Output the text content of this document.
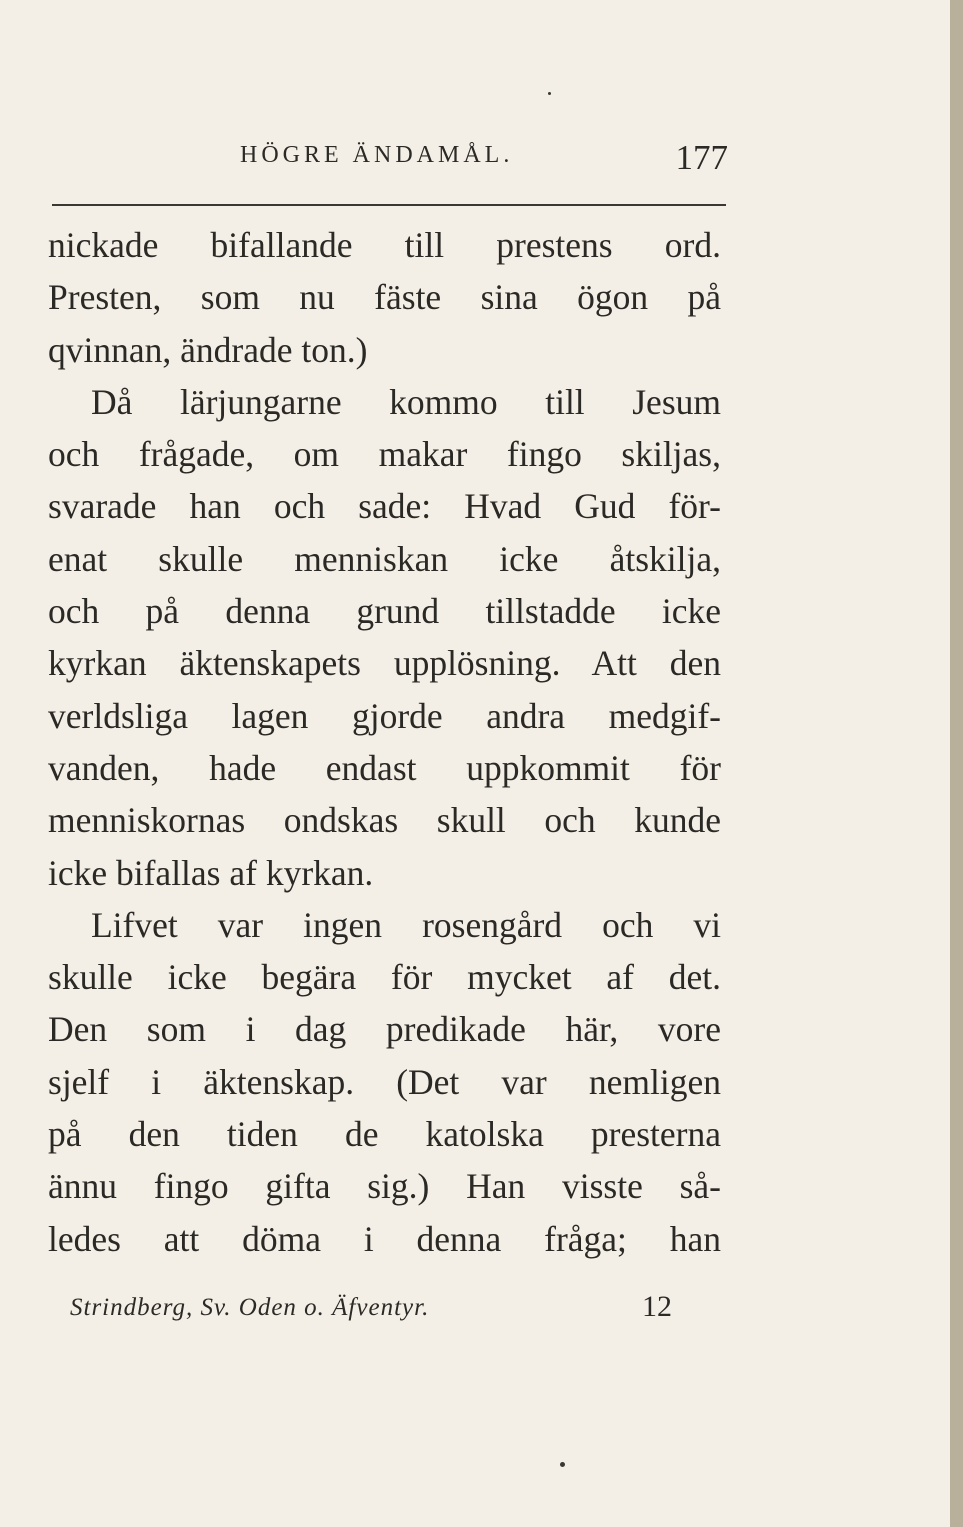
HÖGRE ÄNDAMÅL.	177
nickade bifallande till prestens ord.
Presten, som nu fäste sina ögon på
qvinnan, ändrade ton.)
Då lärjungarne kommo till Jesum
och frågade, om makar fingo skiljas,
svarade han och sade: Hvad Gud för-
enat skulle menniskan icke åtskilja,
och på denna grund tillstadde icke
kyrkan äktenskapets upplösning. Att den
verldsliga lagen gjorde andra medgif-
vanden, hade endast uppkommit för
menniskornas ondskas skull och kunde
icke bifallas af kyrkan.
Lifvet var ingen rosengård och vi
skulle icke begära för mycket af det.
Den som i dag predikade här, vore
sjelf i äktenskap. (Det var nemligen
på den tiden de katolska presterna
ännu fingo gifta sig.) Han visste så-
ledes att döma i denna fråga; han
Strindberg, Sv. Oden o. Äfventyr.	12
